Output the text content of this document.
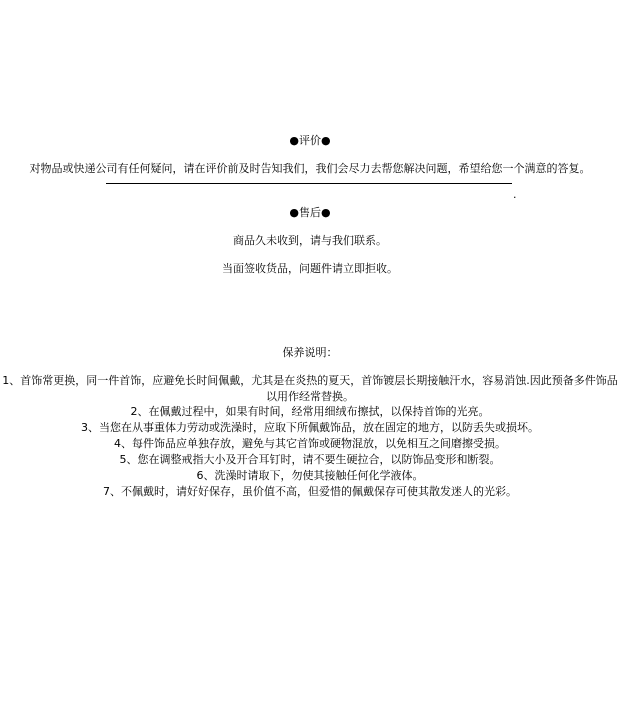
●评价●
对物品或快递公司有任何疑问，请在评价前及时告知我们，我们会尽力去帮您解决问题，希望给您一个满意的答复。
.
●售后●
商品久未收到，请与我们联系。
当面签收货品，问题件请立即拒收。
保养说明：
1、首饰常更换，同一件首饰，应避免长时间佩戴，尤其是在炎热的夏天，首饰镀层长期接触汗水，容易消蚀.因此预备多件饰品以用作经常替换。
2、在佩戴过程中，如果有时间，经常用细绒布擦拭，以保持首饰的光亮。
3、当您在从事重体力劳动或洗澡时，应取下所佩戴饰品，放在固定的地方，以防丢失或损坏。
4、每件饰品应单独存放，避免与其它首饰或硬物混放，以免相互之间磨擦受损。
5、您在调整戒指大小及开合耳钉时，请不要生硬拉合，以防饰品变形和断裂。
6、洗澡时请取下，勿使其接触任何化学液体。
7、不佩戴时，请好好保存，虽价值不高，但爱惜的佩戴保存可使其散发迷人的光彩。
